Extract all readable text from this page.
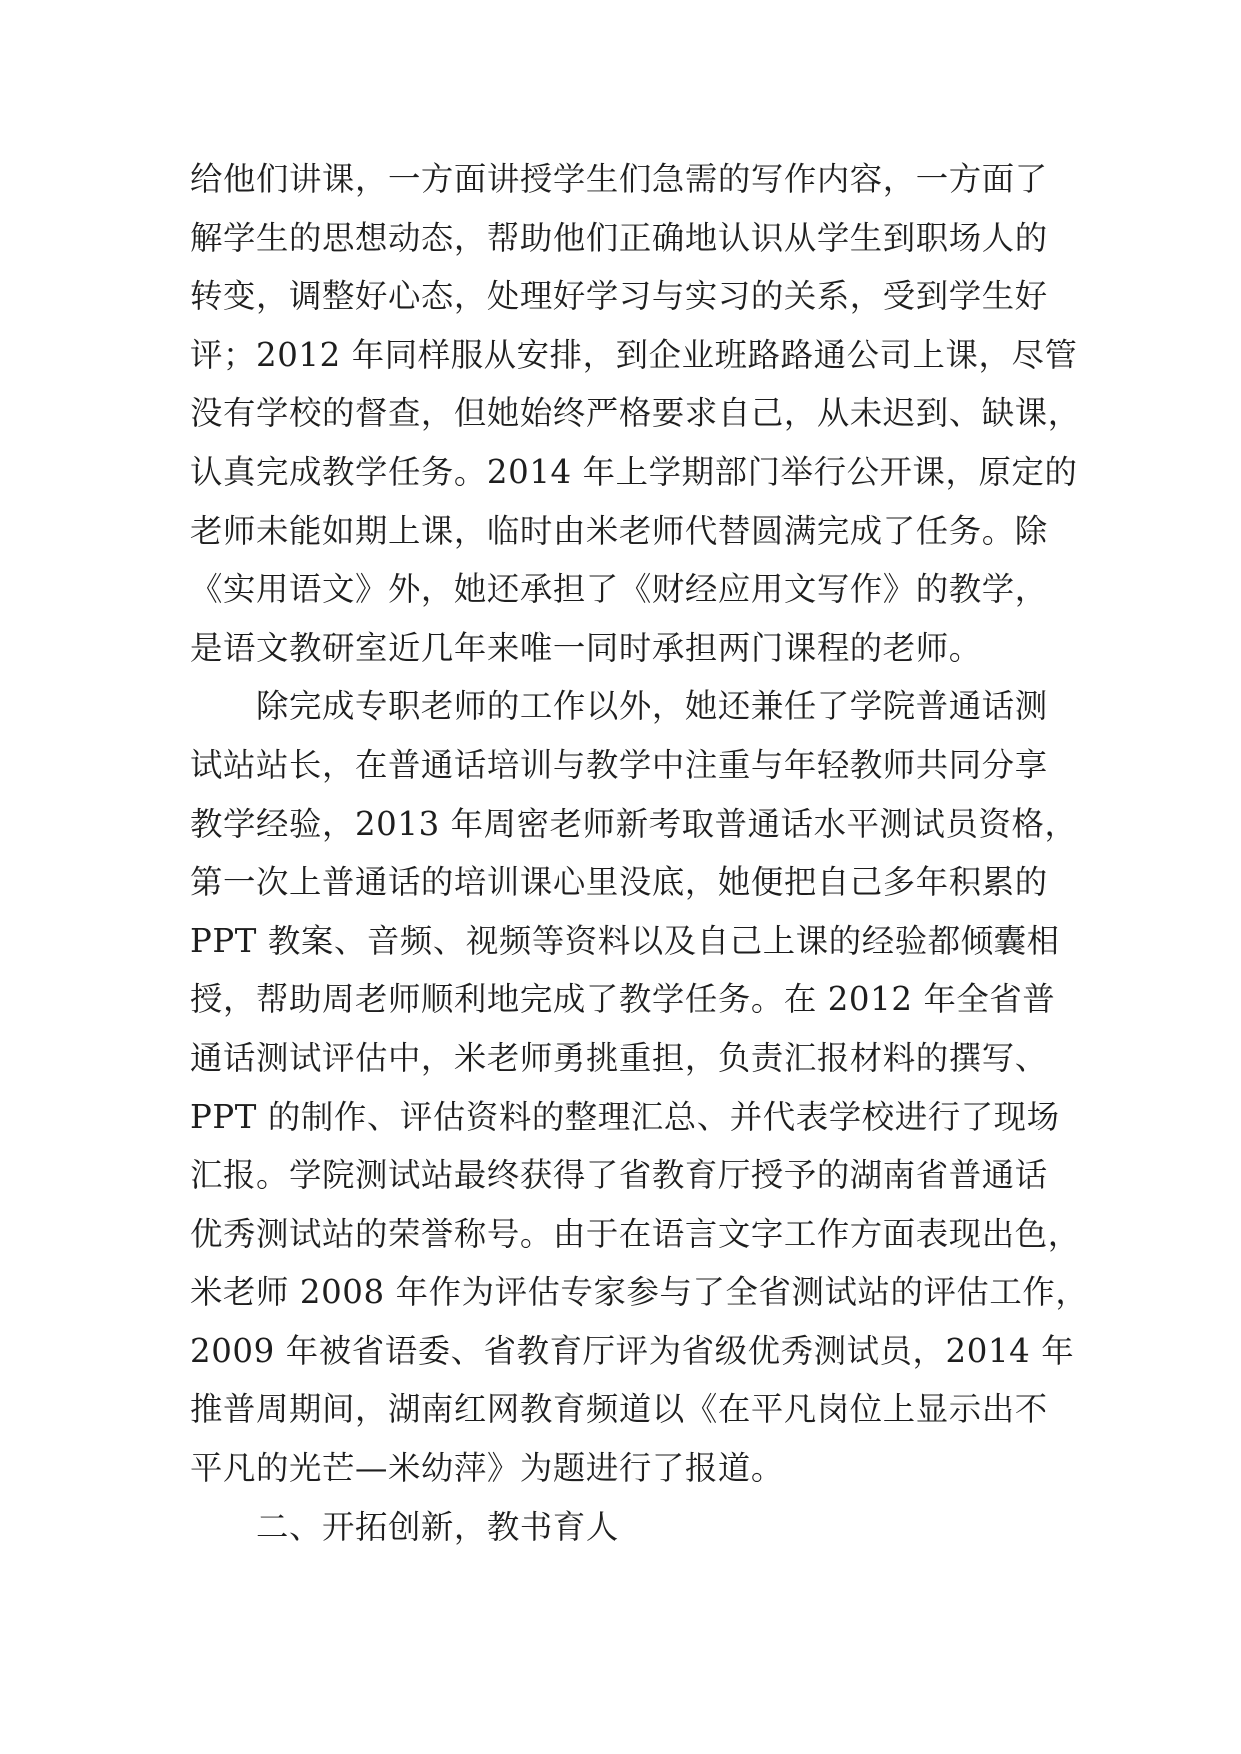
给他们讲课，一方面讲授学生们急需的写作内容，一方面了
解学生的思想动态，帮助他们正确地认识从学生到职场人的
转变，调整好心态，处理好学习与实习的关系，受到学生好
评；2012 年同样服从安排，到企业班路路通公司上课，尽管
没有学校的督查，但她始终严格要求自己，从未迟到、缺课，
认真完成教学任务。2014 年上学期部门举行公开课，原定的
老师未能如期上课，临时由米老师代替圆满完成了任务。除
《实用语文》外，她还承担了《财经应用文写作》的教学，
是语文教研室近几年来唯一同时承担两门课程的老师。
　　除完成专职老师的工作以外，她还兼任了学院普通话测
试站站长，在普通话培训与教学中注重与年轻教师共同分享
教学经验，2013 年周密老师新考取普通话水平测试员资格，
第一次上普通话的培训课心里没底，她便把自己多年积累的
PPT 教案、音频、视频等资料以及自己上课的经验都倾囊相
授，帮助周老师顺利地完成了教学任务。在 2012 年全省普
通话测试评估中，米老师勇挑重担，负责汇报材料的撰写、
PPT 的制作、评估资料的整理汇总、并代表学校进行了现场
汇报。学院测试站最终获得了省教育厅授予的湖南省普通话
优秀测试站的荣誉称号。由于在语言文字工作方面表现出色，
米老师 2008 年作为评估专家参与了全省测试站的评估工作，
2009 年被省语委、省教育厅评为省级优秀测试员，2014 年
推普周期间，湖南红网教育频道以《在平凡岗位上显示出不
平凡的光芒—米幼萍》为题进行了报道。
　　二、开拓创新，教书育人
